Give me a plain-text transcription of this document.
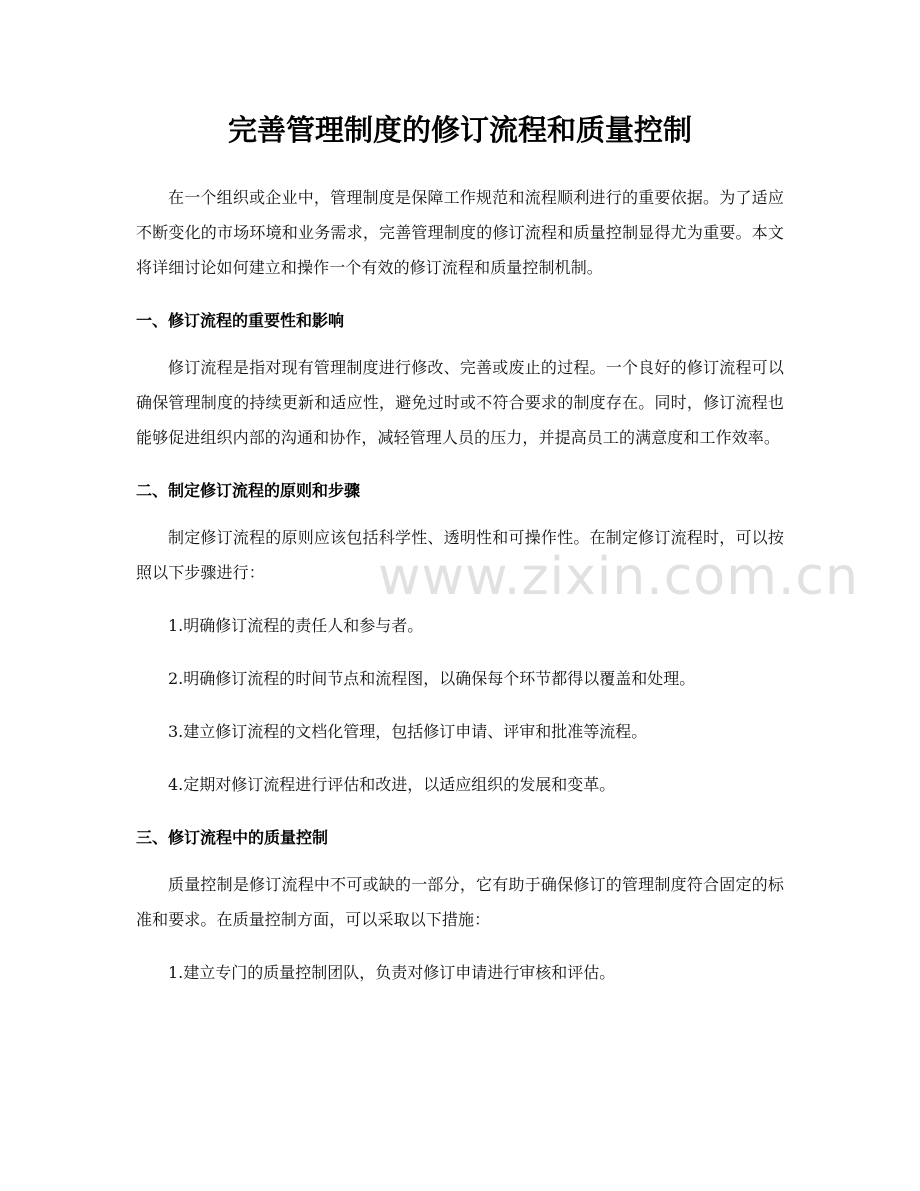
完善管理制度的修订流程和质量控制

在一个组织或企业中，管理制度是保障工作规范和流程顺利进行的重要依据。为了适应不断变化的市场环境和业务需求，完善管理制度的修订流程和质量控制显得尤为重要。本文将详细讨论如何建立和操作一个有效的修订流程和质量控制机制。

一、修订流程的重要性和影响

修订流程是指对现有管理制度进行修改、完善或废止的过程。一个良好的修订流程可以确保管理制度的持续更新和适应性，避免过时或不符合要求的制度存在。同时，修订流程也能够促进组织内部的沟通和协作，减轻管理人员的压力，并提高员工的满意度和工作效率。

二、制定修订流程的原则和步骤

制定修订流程的原则应该包括科学性、透明性和可操作性。在制定修订流程时，可以按照以下步骤进行：

1.明确修订流程的责任人和参与者。

2.明确修订流程的时间节点和流程图，以确保每个环节都得以覆盖和处理。

3.建立修订流程的文档化管理，包括修订申请、评审和批准等流程。

4.定期对修订流程进行评估和改进，以适应组织的发展和变革。

三、修订流程中的质量控制

质量控制是修订流程中不可或缺的一部分，它有助于确保修订的管理制度符合固定的标准和要求。在质量控制方面，可以采取以下措施：

1.建立专门的质量控制团队，负责对修订申请进行审核和评估。

www.zixin.com.cn
